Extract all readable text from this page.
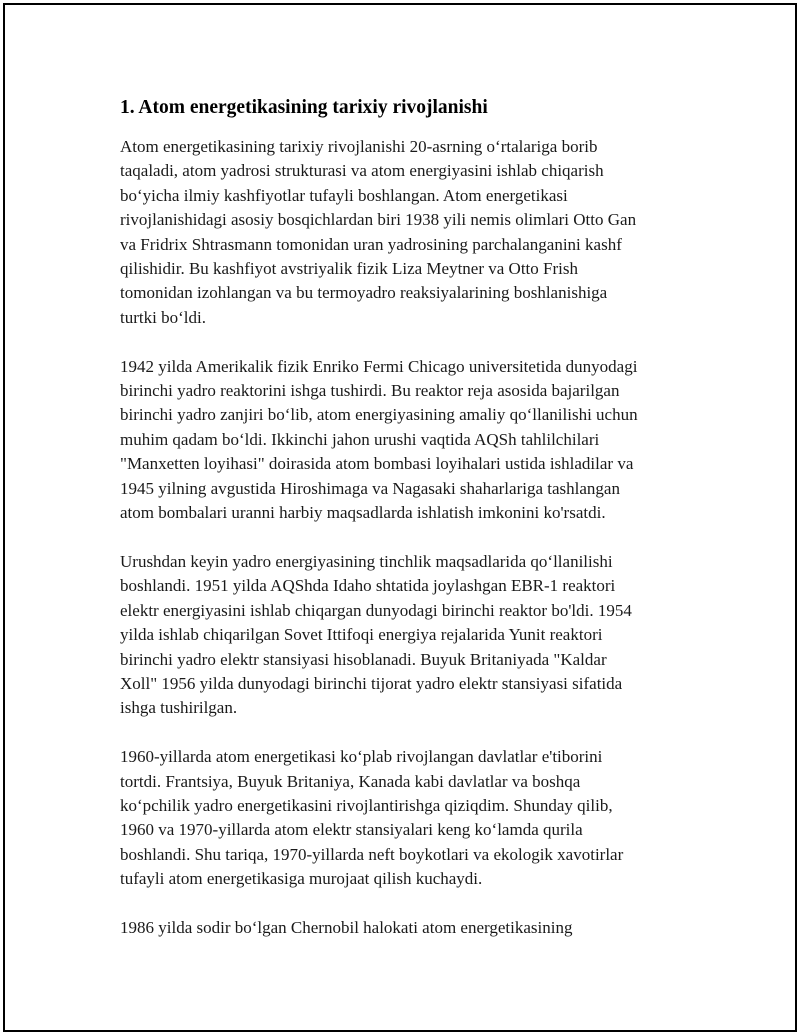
1. Atom energetikasining tarixiy rivojlanishi
Atom energetikasining tarixiy rivojlanishi 20-asrning o‘rtalariga borib
taqaladi, atom yadrosi strukturasi va atom energiyasini ishlab chiqarish
bo‘yicha ilmiy kashfiyotlar tufayli boshlangan. Atom energetikasi
rivojlanishidagi asosiy bosqichlardan biri 1938 yili nemis olimlari Otto Gan
va Fridrix Shtrasmann tomonidan uran yadrosining parchalanganini kashf
qilishidir. Bu kashfiyot avstriyalik fizik Liza Meytner va Otto Frish
tomonidan izohlangan va bu termoyadro reaksiyalarining boshlanishiga
turtki bo‘ldi.
1942 yilda Amerikalik fizik Enriko Fermi Chicago universitetida dunyodagi
birinchi yadro reaktorini ishga tushirdi. Bu reaktor reja asosida bajarilgan
birinchi yadro zanjiri bo‘lib, atom energiyasining amaliy qo‘llanilishi uchun
muhim qadam bo‘ldi. Ikkinchi jahon urushi vaqtida AQSh tahlilchilari
"Manxetten loyihasi" doirasida atom bombasi loyihalari ustida ishladilar va
1945 yilning avgustida Hiroshimaga va Nagasaki shaharlariga tashlangan
atom bombalari uranni harbiy maqsadlarda ishlatish imkonini ko'rsatdi.
Urushdan keyin yadro energiyasining tinchlik maqsadlarida qo‘llanilishi
boshlandi. 1951 yilda AQShda Idaho shtatida joylashgan EBR-1 reaktori
elektr energiyasini ishlab chiqargan dunyodagi birinchi reaktor bo'ldi. 1954
yilda ishlab chiqarilgan Sovet Ittifoqi energiya rejalarida Yunit reaktori
birinchi yadro elektr stansiyasi hisoblanadi. Buyuk Britaniyada "Kaldar
Xoll" 1956 yilda dunyodagi birinchi tijorat yadro elektr stansiyasi sifatida
ishga tushirilgan.
1960-yillarda atom energetikasi ko‘plab rivojlangan davlatlar e'tiborini
tortdi. Frantsiya, Buyuk Britaniya, Kanada kabi davlatlar va boshqa
ko‘pchilik yadro energetikasini rivojlantirishga qiziqdim. Shunday qilib,
1960 va 1970-yillarda atom elektr stansiyalari keng ko‘lamda qurila
boshlandi. Shu tariqa, 1970-yillarda neft boykotlari va ekologik xavotirlar
tufayli atom energetikasiga murojaat qilish kuchaydi.
1986 yilda sodir bo‘lgan Chernobil halokati atom energetikasining
